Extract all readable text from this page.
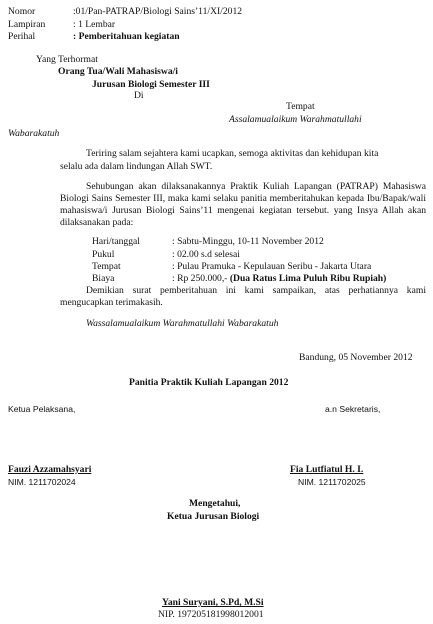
Nomor	:01/Pan-PATRAP/Biologi Sains’11/XI/2012
Lampiran	: 1 Lembar
Perihal	: Pemberitahuan kegiatan
Yang Terhormat
Orang Tua/Wali Mahasiswa/i
Jurusan Biologi Semester III
Di
Tempat
Assalamualaikum Warahmatullahi
Wabarakatuh
Teriring salam sejahtera kami ucapkan, semoga aktivitas dan kehidupan kita
selalu ada dalam lindungan Allah SWT.
Sehubungan akan dilaksanakannya Praktik Kuliah Lapangan (PATRAP) Mahasiswa Biologi Sains Semester III, maka kami selaku panitia memberitahukan kepada Ibu/Bapak/wali mahasiswa/i Jurusan Biologi Sains’11 mengenai kegiatan tersebut. yang Insya Allah akan dilaksanakan pada:
Hari/tanggal	: Sabtu-Minggu, 10-11 November 2012
Pukul	: 02.00 s.d selesai
Tempat	: Pulau Pramuka - Kepulauan Seribu - Jakarta Utara
Biaya	: Rp 250.000,- (Dua Ratus Lima Puluh Ribu Rupiah)
Demikian surat pemberitahuan ini kami sampaikan, atas perhatiannya kami mengucapkan terimakasih.
Wassalamualaikum Warahmatullahi Wabarakatuh
Bandung, 05 November 2012
Panitia Praktik Kuliah Lapangan 2012
Ketua Pelaksana,	a.n Sekretaris,
Fauzi Azzamahsyari
NIM. 1211702024
Fia Lutfiatul H. I.
NIM. 1211702025
Mengetahui,
Ketua Jurusan Biologi
Yani Suryani, S.Pd, M.Si
NIP. 197205181998012001
